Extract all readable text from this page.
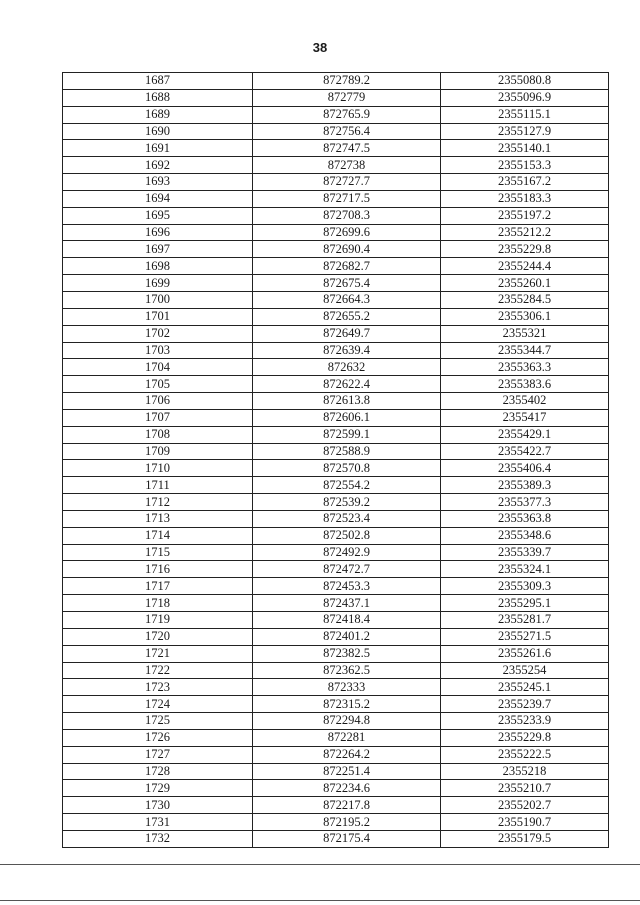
38
1687	872789.2	2355080.8
1688	872779	2355096.9
1689	872765.9	2355115.1
1690	872756.4	2355127.9
1691	872747.5	2355140.1
1692	872738	2355153.3
1693	872727.7	2355167.2
1694	872717.5	2355183.3
1695	872708.3	2355197.2
1696	872699.6	2355212.2
1697	872690.4	2355229.8
1698	872682.7	2355244.4
1699	872675.4	2355260.1
1700	872664.3	2355284.5
1701	872655.2	2355306.1
1702	872649.7	2355321
1703	872639.4	2355344.7
1704	872632	2355363.3
1705	872622.4	2355383.6
1706	872613.8	2355402
1707	872606.1	2355417
1708	872599.1	2355429.1
1709	872588.9	2355422.7
1710	872570.8	2355406.4
1711	872554.2	2355389.3
1712	872539.2	2355377.3
1713	872523.4	2355363.8
1714	872502.8	2355348.6
1715	872492.9	2355339.7
1716	872472.7	2355324.1
1717	872453.3	2355309.3
1718	872437.1	2355295.1
1719	872418.4	2355281.7
1720	872401.2	2355271.5
1721	872382.5	2355261.6
1722	872362.5	2355254
1723	872333	2355245.1
1724	872315.2	2355239.7
1725	872294.8	2355233.9
1726	872281	2355229.8
1727	872264.2	2355222.5
1728	872251.4	2355218
1729	872234.6	2355210.7
1730	872217.8	2355202.7
1731	872195.2	2355190.7
1732	872175.4	2355179.5
